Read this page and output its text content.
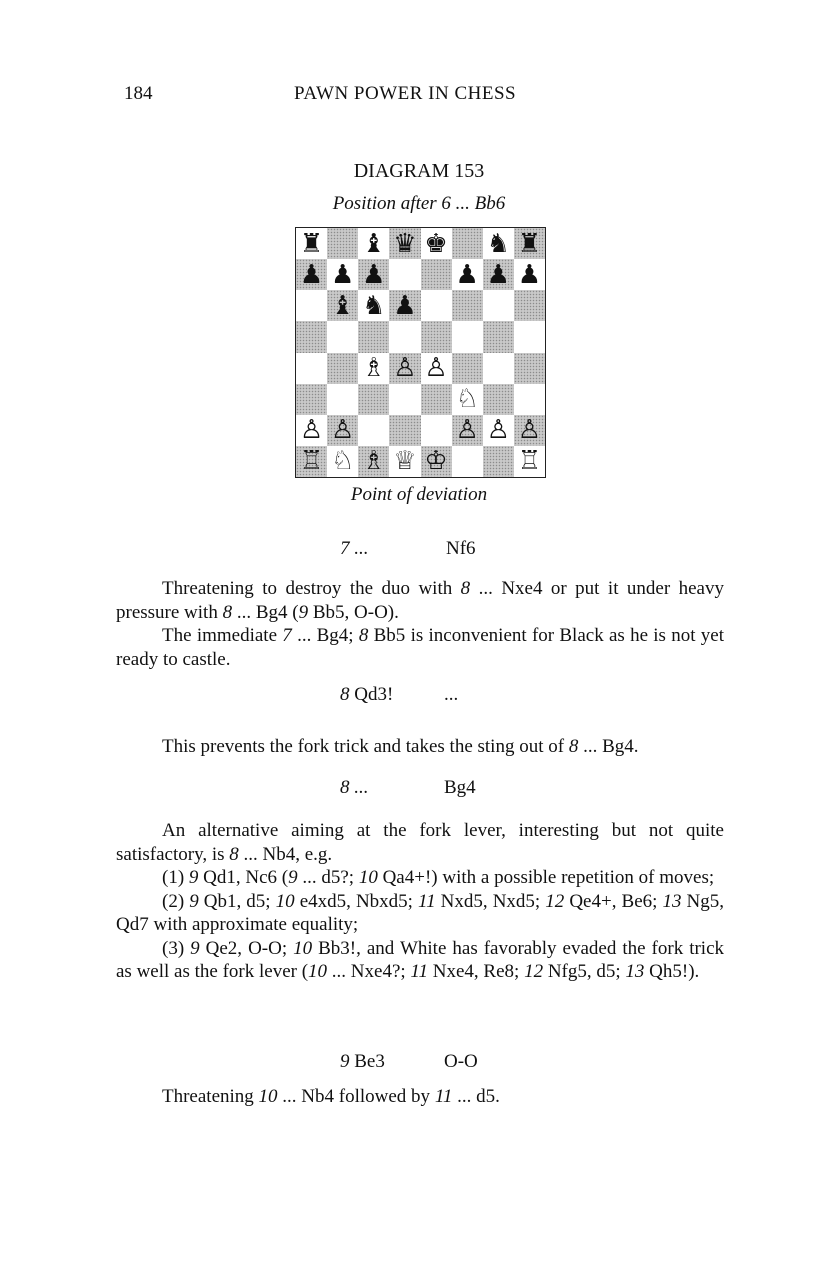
184	PAWN POWER IN CHESS
DIAGRAM 153
Position after 6 ... Bb6
♜ ♝ ♛ ♚ ♞ ♜
♟ ♟ ♟	♟ ♟ ♟
♝ ♞ ♟
♗ ♙ ♙
♘
♙ ♙	♙ ♙ ♙
♖ ♘ ♗ ♕ ♔	♖
Point of deviation
7 ...	Nf6

Threatening to destroy the duo with 8 ... Nxe4 or put it under heavy pressure with 8 ... Bg4 (9 Bb5, O-O).

The immediate 7 ... Bg4; 8 Bb5 is inconvenient for Black as he is not yet ready to castle.

8 Qd3!	...

This prevents the fork trick and takes the sting out of 8 ... Bg4.

8 ...	Bg4

An alternative aiming at the fork lever, interesting but not quite satisfactory, is 8 ... Nb4, e.g.

(1) 9 Qd1, Nc6 (9 ... d5?; 10 Qa4+!) with a possible repetition of moves;

(2) 9 Qb1, d5; 10 e4xd5, Nbxd5; 11 Nxd5, Nxd5; 12 Qe4+, Be6; 13 Ng5, Qd7 with approximate equality;

(3) 9 Qe2, O-O; 10 Bb3!, and White has favorably evaded the fork trick as well as the fork lever (10 ... Nxe4?; 11 Nxe4, Re8; 12 Nfg5, d5; 13 Qh5!).

9 Be3	O-O

Threatening 10 ... Nb4 followed by 11 ... d5.
